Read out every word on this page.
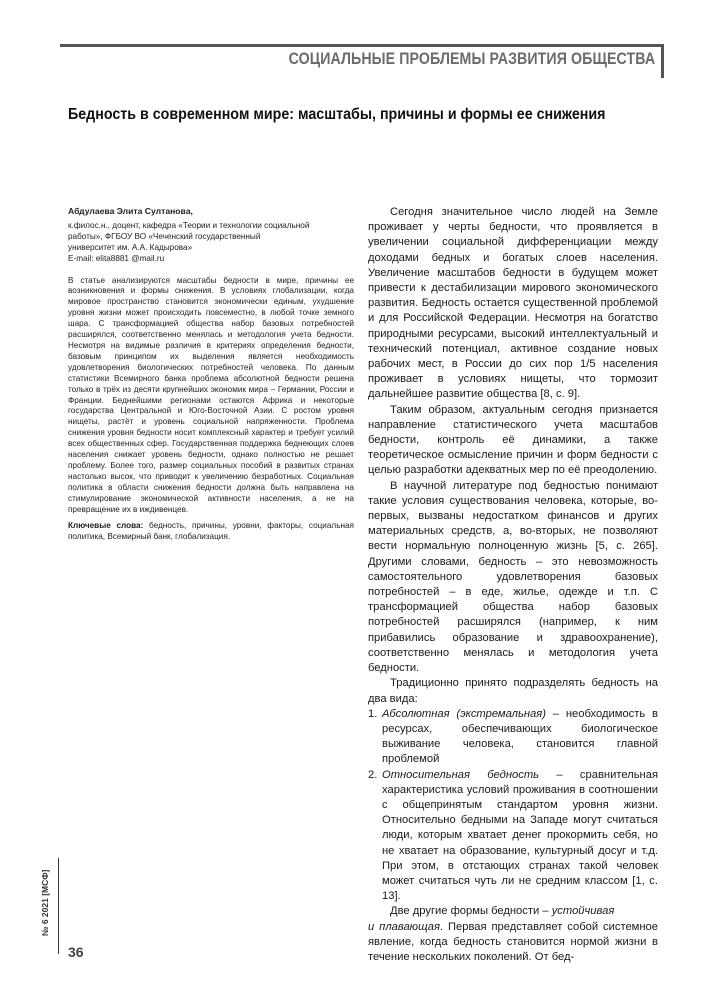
СОЦИАЛЬНЫЕ ПРОБЛЕМЫ РАЗВИТИЯ ОБЩЕСТВА
Бедность в современном мире: масштабы, причины и формы ее снижения
Абдулаева Элита Султанова,
к.филос.н., доцент, кафедра «Теории и технологии социальной
работы», ФГБОУ ВО «Чеченский государственный
университет им. А.А. Кадырова»
E-mail: elita8881 @mail.ru
В статье анализируются масштабы бедности в мире, причины ее возникновения и формы снижения. В условиях глобализации, когда мировое пространство становится экономически единым, ухудшение уровня жизни может происходить повсеместно, в любой точке земного шара. С трансформацией общества набор базовых потребностей расширялся, соответственно менялась и методология учета бедности. Несмотря на видимые различия в критериях определения бедности, базовым принципом их выделения является необходимость удовлетворения биологических потребностей человека. По данным статистики Всемирного банка проблема абсолютной бедности решена только в трёх из десяти крупнейших экономик мира – Германии, России и Франции. Беднейшими регионами остаются Африка и некоторые государства Центральной и Юго-Восточной Азии. С ростом уровня нищеты, растёт и уровень социальной напряженности. Проблема снижения уровня бедности носит комплексный характер и требует усилий всех общественных сфер. Государственная поддержка беднеющих слоев населения снижает уровень бедности, однако полностью не решает проблему. Более того, размер социальных пособий в развитых странах настолько высок, что приводит к увеличению безработных. Социальная политика в области снижения бедности должна быть направлена на стимулирование экономической активности населения, а не на превращение их в иждивенцев.
Ключевые слова: бедность, причины, уровни, факторы, социальная политика, Всемирный банк, глобализация.

Сегодня значительное число людей на Земле проживает у черты бедности, что проявляется в увеличении социальной дифференциации между доходами бедных и богатых слоев населения. Увеличение масштабов бедности в будущем может привести к дестабилизации мирового экономического развития. Бедность остается существенной проблемой и для Российской Федерации. Несмотря на богатство природными ресурсами, высокий интеллектуальный и технический потенциал, активное создание новых рабочих мест, в России до сих пор 1/5 населения проживает в условиях нищеты, что тормозит дальнейшее развитие общества [8, с. 9].

Таким образом, актуальным сегодня признается направление статистического учета масштабов бедности, контроль её динамики, а также теоретическое осмысление причин и форм бедности с целью разработки адекватных мер по её преодолению.

В научной литературе под бедностью понимают такие условия существования человека, которые, во-первых, вызваны недостатком финансов и других материальных средств, а, во-вторых, не позволяют вести нормальную полноценную жизнь [5, с. 265]. Другими словами, бедность – это невозможность самостоятельного удовлетворения базовых потребностей – в еде, жилье, одежде и т.п. С трансформацией общества набор базовых потребностей расширялся (например, к ним прибавились образование и здравоохранение), соответственно менялась и методология учета бедности.

Традиционно принято подразделять бедность на два вида:

1. Абсолютная (экстремальная) – необходимость в ресурсах, обеспечивающих биологическое выживание человека, становится главной проблемой
2. Относительная бедность – сравнительная характеристика условий проживания в соотношении с общепринятым стандартом уровня жизни. Относительно бедными на Западе могут считаться люди, которым хватает денег прокормить себя, но не хватает на образование, культурный досуг и т.д. При этом, в отстающих странах такой человек может считаться чуть ли не средним классом [1, с. 13].

Две другие формы бедности – устойчивая

и плавающая. Первая представляет собой системное явление, когда бедность становится нормой жизни в течение нескольких поколений. От бед-

№ 6 2021 [МСФ]
36
